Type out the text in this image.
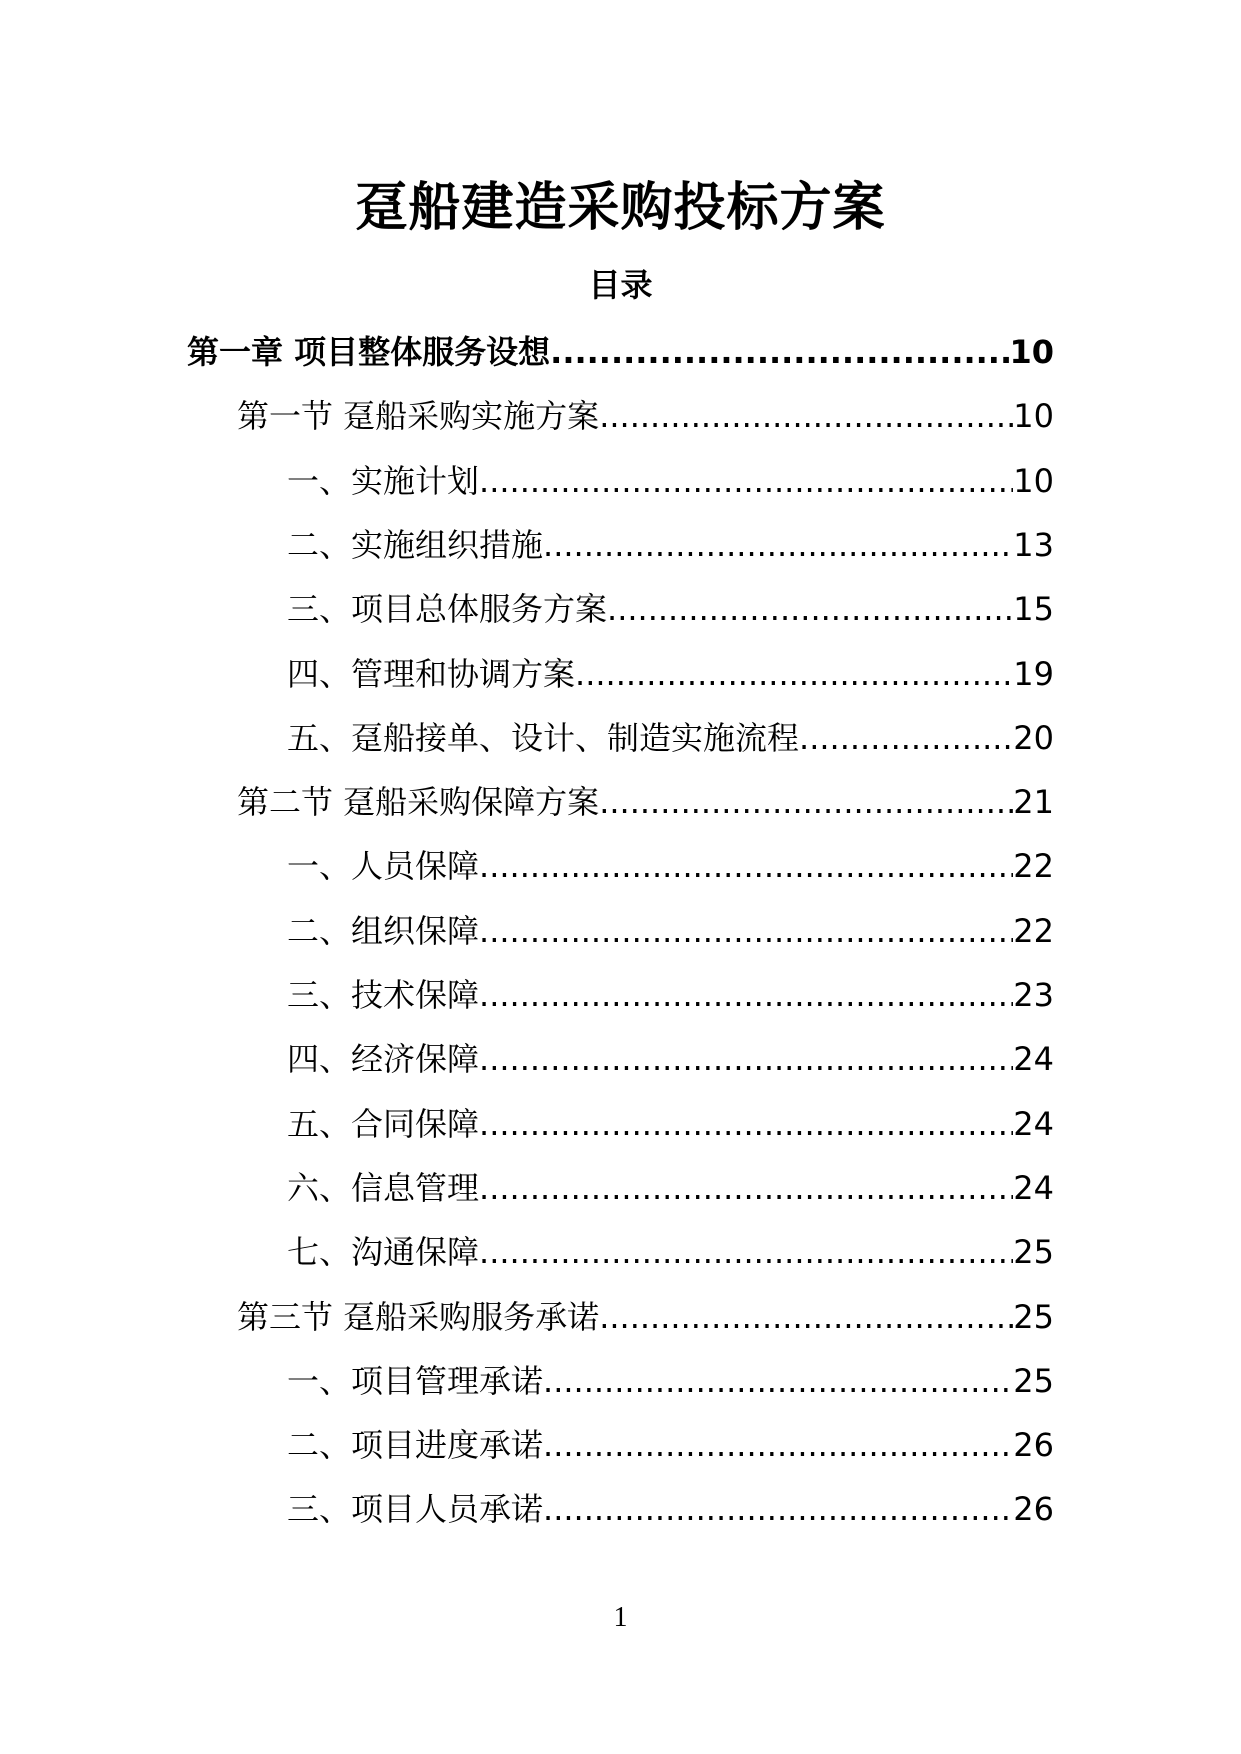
趸船建造采购投标方案
目录
第一章 项目整体服务设想 .....	10
第一节 趸船采购实施方案 .....	10
一、实施计划 .....	10
二、实施组织措施 .....	13
三、项目总体服务方案 .....	15
四、管理和协调方案 .....	19
五、趸船接单、设计、制造实施流程 .....	20
第二节 趸船采购保障方案 .....	21
一、人员保障 .....	22
二、组织保障 .....	22
三、技术保障 .....	23
四、经济保障 .....	24
五、合同保障 .....	24
六、信息管理 .....	24
七、沟通保障 .....	25
第三节 趸船采购服务承诺 .....	25
一、项目管理承诺 .....	25
二、项目进度承诺 .....	26
三、项目人员承诺 .....	26
1
